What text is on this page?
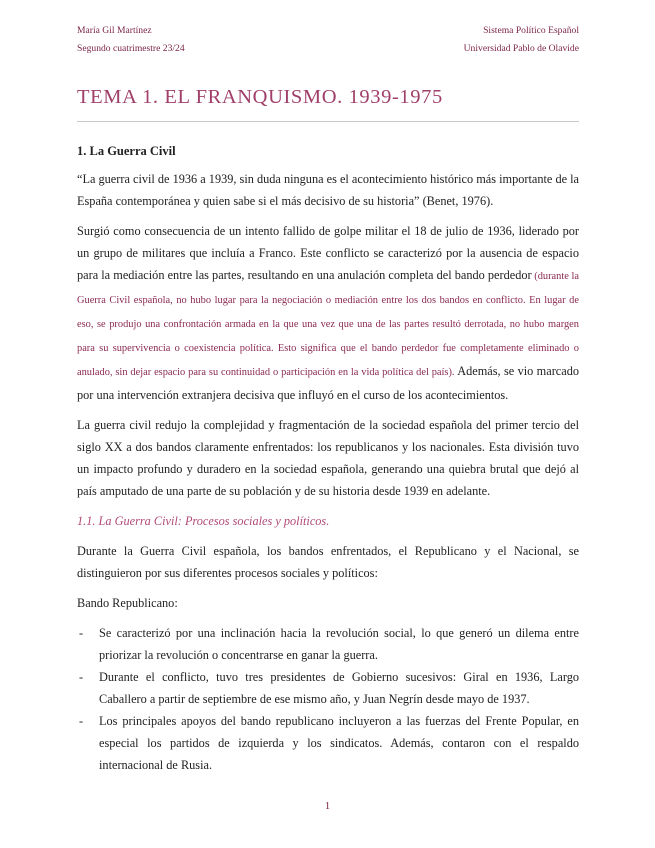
María Gil Martínez
Segundo cuatrimestre 23/24
Sistema Político Español
Universidad Pablo de Olavide
TEMA 1. EL FRANQUISMO. 1939-1975
1. La Guerra Civil

“La guerra civil de 1936 a 1939, sin duda ninguna es el acontecimiento histórico más importante de la España contemporánea y quien sabe si el más decisivo de su historia” (Benet, 1976).

Surgió como consecuencia de un intento fallido de golpe militar el 18 de julio de 1936, liderado por un grupo de militares que incluía a Franco. Este conflicto se caracterizó por la ausencia de espacio para la mediación entre las partes, resultando en una anulación completa del bando perdedor (durante la Guerra Civil española, no hubo lugar para la negociación o mediación entre los dos bandos en conflicto. En lugar de eso, se produjo una confrontación armada en la que una vez que una de las partes resultó derrotada, no hubo margen para su supervivencia o coexistencia política. Esto significa que el bando perdedor fue completamente eliminado o anulado, sin dejar espacio para su continuidad o participación en la vida política del país). Además, se vio marcado por una intervención extranjera decisiva que influyó en el curso de los acontecimientos.

La guerra civil redujo la complejidad y fragmentación de la sociedad española del primer tercio del siglo XX a dos bandos claramente enfrentados: los republicanos y los nacionales. Esta división tuvo un impacto profundo y duradero en la sociedad española, generando una quiebra brutal que dejó al país amputado de una parte de su población y de su historia desde 1939 en adelante.

1.1. La Guerra Civil: Procesos sociales y políticos.

Durante la Guerra Civil española, los bandos enfrentados, el Republicano y el Nacional, se distinguieron por sus diferentes procesos sociales y políticos:

Bando Republicano:

- Se caracterizó por una inclinación hacia la revolución social, lo que generó un dilema entre priorizar la revolución o concentrarse en ganar la guerra.
- Durante el conflicto, tuvo tres presidentes de Gobierno sucesivos: Giral en 1936, Largo Caballero a partir de septiembre de ese mismo año, y Juan Negrín desde mayo de 1937.
- Los principales apoyos del bando republicano incluyeron a las fuerzas del Frente Popular, en especial los partidos de izquierda y los sindicatos. Además, contaron con el respaldo internacional de Rusia.
1
